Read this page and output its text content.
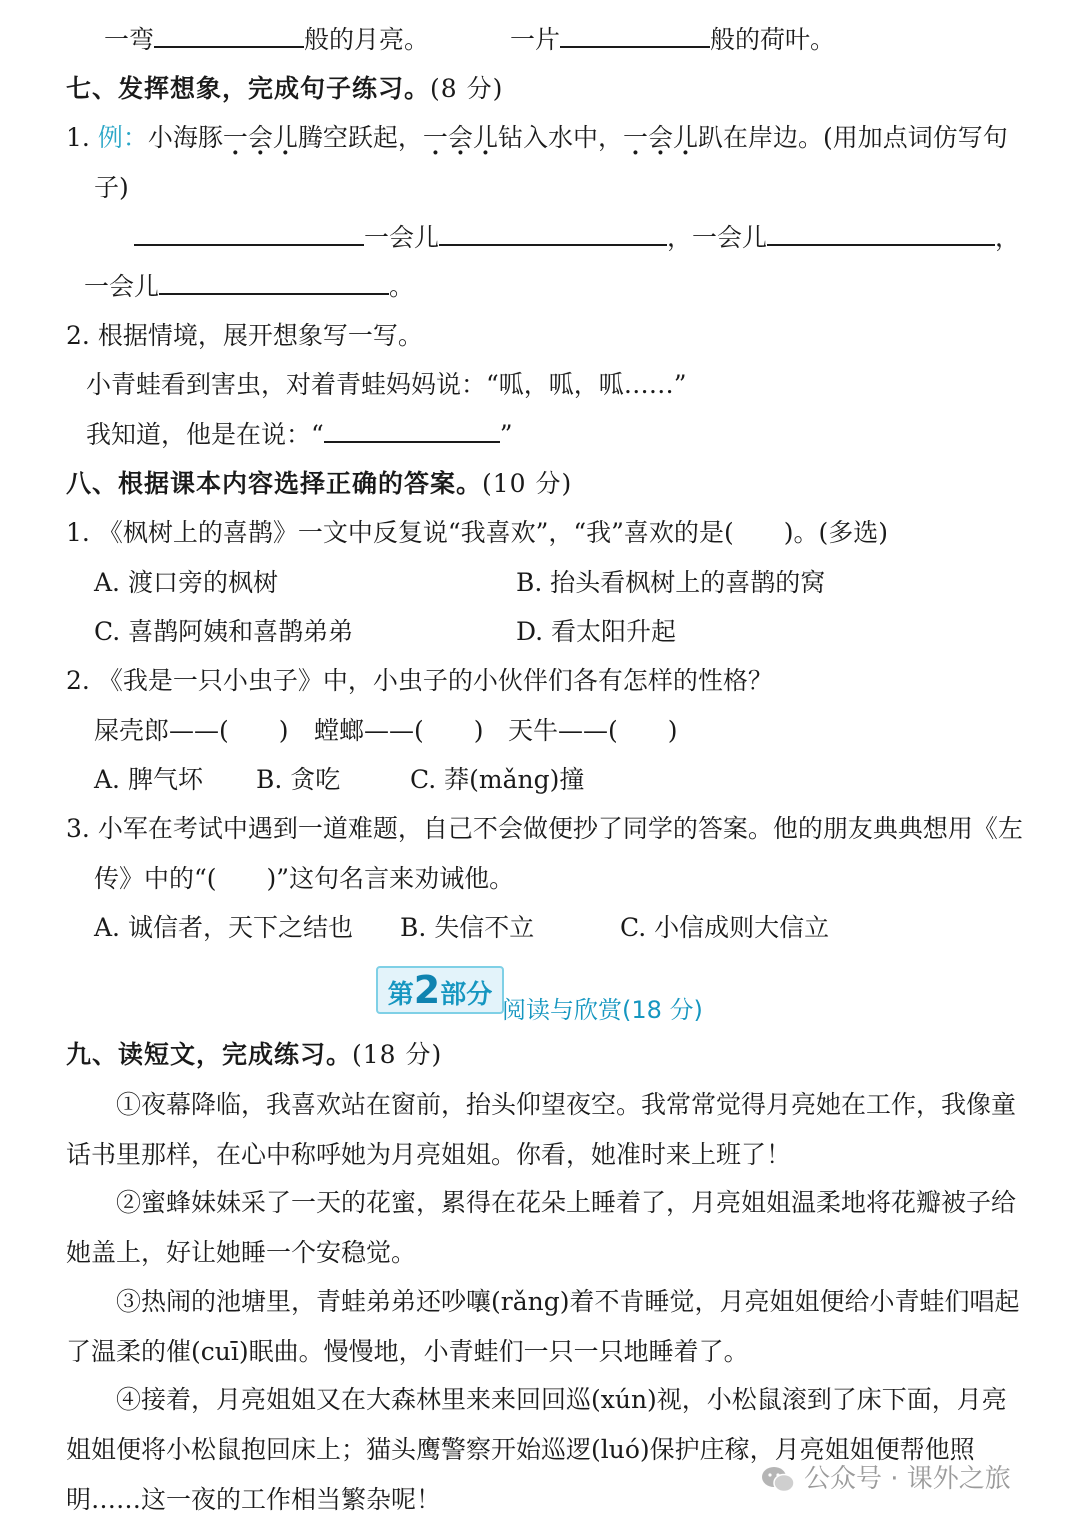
一弯	般的月亮。	一片	般的荷叶。
七、发挥想象，完成句子练习。(8 分)
1. 例：小海豚一会儿腾空跃起，一会儿钻入水中，一会儿趴在岸边。(用加点词仿写句
子)
一会儿	，一会儿	，
一会儿	。
2. 根据情境，展开想象写一写。
小青蛙看到害虫，对着青蛙妈妈说：“呱，呱，呱……”
我知道，他是在说：“	”
八、根据课本内容选择正确的答案。(10 分)
1. 《枫树上的喜鹊》一文中反复说“我喜欢”，“我”喜欢的是(　　)。(多选)
A. 渡口旁的枫树	B. 抬头看枫树上的喜鹊的窝
C. 喜鹊阿姨和喜鹊弟弟	D. 看太阳升起
2. 《我是一只小虫子》中，小虫子的小伙伴们各有怎样的性格？
屎壳郎——(　　) 螳螂——(　　) 天牛——(　　)
A. 脾气坏 B. 贪吃	C. 莽(mǎng)撞
3. 小军在考试中遇到一道难题，自己不会做便抄了同学的答案。他的朋友典典想用《左
传》中的“(　　)”这句名言来劝诫他。
A. 诚信者，天下之结也 B. 失信不立	C. 小信成则大信立
第2部分 阅读与欣赏(18 分)
九、读短文，完成练习。(18 分)
①夜幕降临，我喜欢站在窗前，抬头仰望夜空。我常常觉得月亮她在工作，我像童话书里那样，在心中称呼她为月亮姐姐。你看，她准时来上班了！
②蜜蜂妹妹采了一天的花蜜，累得在花朵上睡着了，月亮姐姐温柔地将花瓣被子给她盖上，好让她睡一个安稳觉。
③热闹的池塘里，青蛙弟弟还吵嚷(rǎng)着不肯睡觉，月亮姐姐便给小青蛙们唱起了温柔的催(cuī)眠曲。慢慢地，小青蛙们一只一只地睡着了。
④接着，月亮姐姐又在大森林里来来回回巡(xún)视，小松鼠滚到了床下面，月亮姐姐便将小松鼠抱回床上；猫头鹰警察开始巡逻(luó)保护庄稼，月亮姐姐便帮他照明……这一夜的工作相当繁杂呢！
公众号 · 课外之旅
